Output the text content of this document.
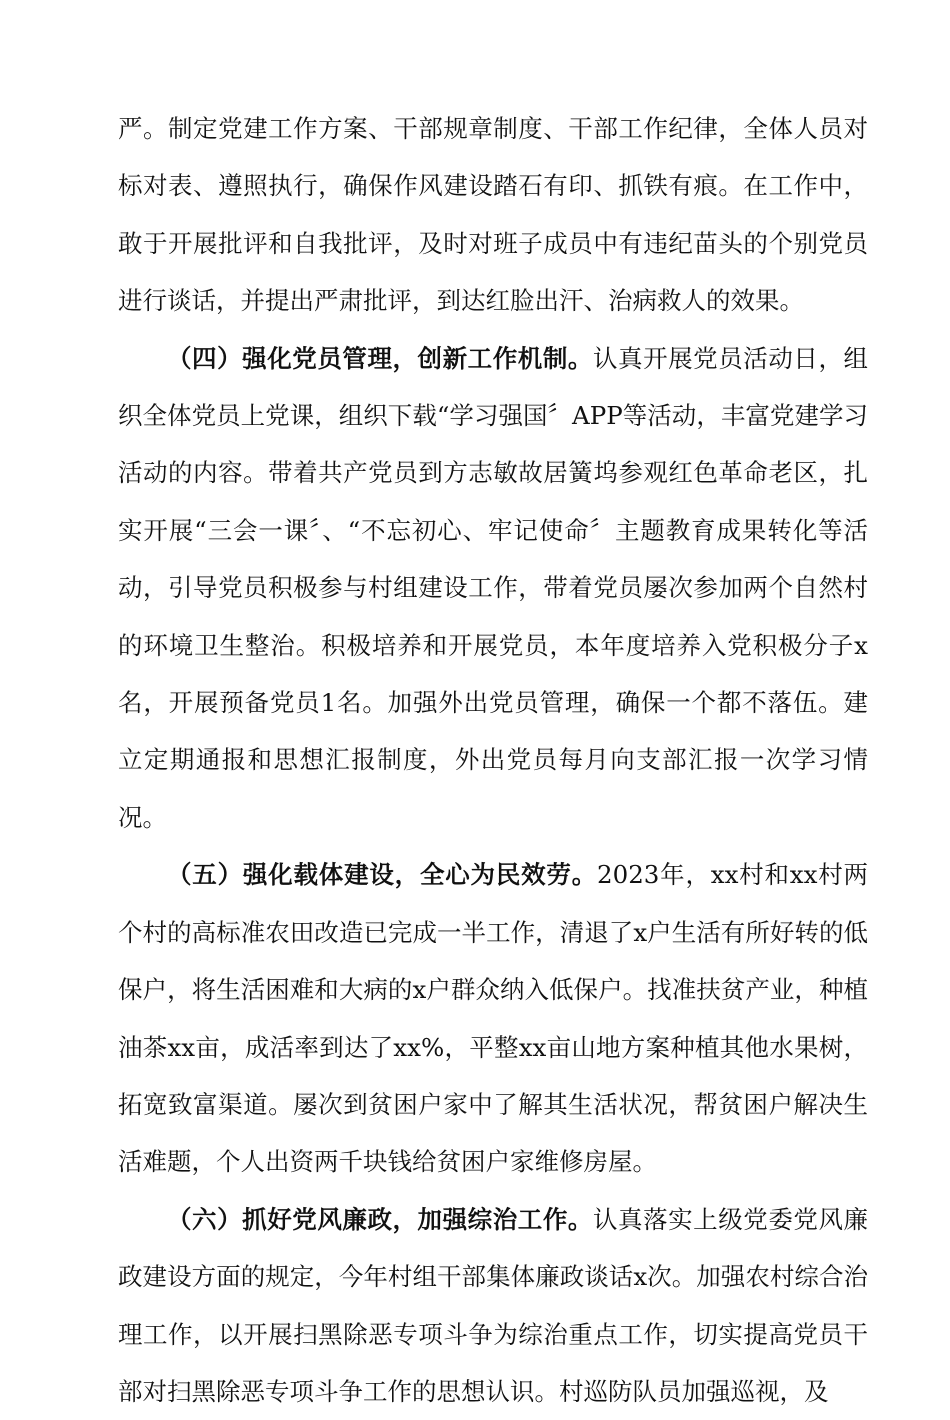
严。制定党建工作方案、干部规章制度、干部工作纪律，全体人员对标对表、遵照执行，确保作风建设踏石有印、抓铁有痕。在工作中，敢于开展批评和自我批评，及时对班子成员中有违纪苗头的个别党员进行谈话，并提出严肃批评，到达红脸出汗、治病救人的效果。

（四）强化党员管理，创新工作机制。认真开展党员活动日，组织全体党员上党课，组织下载“学习强国〞APP等活动，丰富党建学习活动的内容。带着共产党员到方志敏故居簧坞参观红色革命老区，扎实开展“三会一课〞、“不忘初心、牢记使命〞主题教育成果转化等活动，引导党员积极参与村组建设工作，带着党员屡次参加两个自然村的环境卫生整治。积极培养和开展党员，本年度培养入党积极分子x名，开展预备党员1名。加强外出党员管理，确保一个都不落伍。建立定期通报和思想汇报制度，外出党员每月向支部汇报一次学习情况。

（五）强化载体建设，全心为民效劳。2023年，xx村和xx村两个村的高标准农田改造已完成一半工作，清退了x户生活有所好转的低保户，将生活困难和大病的x户群众纳入低保户。找准扶贫产业，种植油茶xx亩，成活率到达了xx%，平整xx亩山地方案种植其他水果树，拓宽致富渠道。屡次到贫困户家中了解其生活状况，帮贫困户解决生活难题，个人出资两千块钱给贫困户家维修房屋。

（六）抓好党风廉政，加强综治工作。认真落实上级党委党风廉政建设方面的规定，今年村组干部集体廉政谈话x次。加强农村综合治理工作，以开展扫黑除恶专项斗争为综治重点工作，切实提高党员干部对扫黑除恶专项斗争工作的思想认识。村巡防队员加强巡视，及
